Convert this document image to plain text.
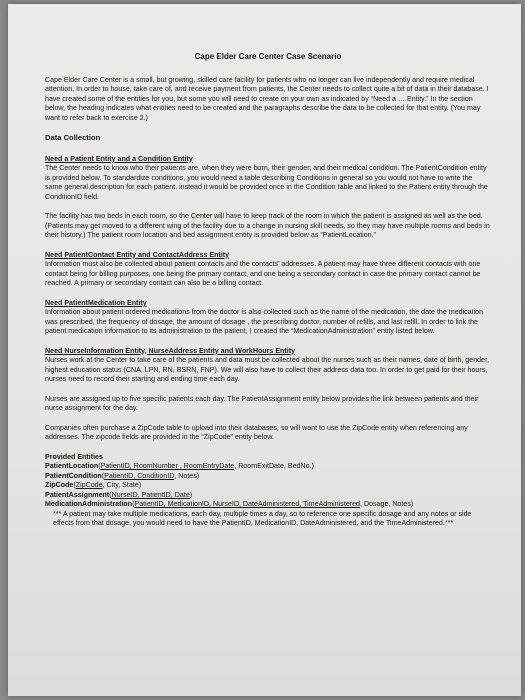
Cape Elder Care Center Case Scenario

Cape Elder Care Center is a small, but growing, skilled care facility for patients who no longer can live independently and require medical attention. In order to house, take care of, and receive payment from patients, the Center needs to collect quite a bit of data in their database. I have created some of the entities for you, but some you will need to create on your own as indicated by “Need a … Entity.” In the section below, the heading indicates what entities need to be created and the paragraphs describe the data to be collected for that entity. (You may want to refer back to exercise 2.)

Data Collection
Need a Patient Entity and a Condition Entity

The Center needs to know who their patients are, when they were born, their gender, and their medical condition. The PatientCondition entity is provided below. To standardize conditions, you would need a table describing Conditions in general so you would not have to write the same general description for each patient, instead it would be provided once in the Condition table and linked to the Patient entity through the ConditionID field.

The facility has two beds in each room, so the Center will have to keep track of the room in which the patient is assigned as well as the bed. (Patients may get moved to a different wing of the facility due to a change in nursing skill needs, so they may have multiple rooms and beds in their history.) The patient room location and bed assignment entity is provided below as “PatientLocation.”

Need PatientContact Entity and ContactAddress Entity

Information must also be collected about patient contacts and the contacts’ addresses. A patient may have three different contacts with one contact being for billing purposes, one being the primary contact, and one being a secondary contact in case the primary contact cannot be reached. A primary or secondary contact can also be a billing contact.

Need PatientMedication Entity

Information about patient ordered medications from the doctor is also collected such as the name of the medication, the date the medication was prescribed, the frequency of dosage, the amount of dosage , the prescribing doctor, number of refills, and last refill. In order to link the patient medication information to its administration to the patient, I created the “MedicationAdministration” entity listed below.

Need NurseInformation Entity, NurseAddress Entity and WorkHours Entity

Nurses work at the Center to take care of the patients and data must be collected about the nurses such as their names, date of birth, gender, highest education status (CNA, LPN, RN, BSRN, FNP). We will also have to collect their address data too. In order to get paid for their hours, nurses need to record their starting and ending time each day.

Nurses are assigned up to five specific patients each day. The PatientAssignment entity below provides the link between patients and their nurse assignment for the day.

Companies often purchase a ZipCode table to upload into their databases, so will want to use the ZipCode entity when referencing any addresses. The zipcode fields are provided in the “ZipCode” entity below.

Provided Entities
PatientLocation(PatientID, RoomNumber , RoomEntryDate, RoomExitDate, BedNo.)
PatientCondition(PatientID, ConditionID, Notes)
ZipCode(ZipCode, City, State)
PatientAssignment(NurseID, PatientID, Date)
MedicationAdministration(PatientID, MedicationID, NurseID, DateAdministered, TimeAdministered, Dosage, Notes)

*** A patient may take multiple medications, each day, multiple times a day, so to reference one specific dosage and any notes or side effects from that dosage, you would need to have the PatientID, MedicationID, DateAdministered, and the TimeAdministered.***
